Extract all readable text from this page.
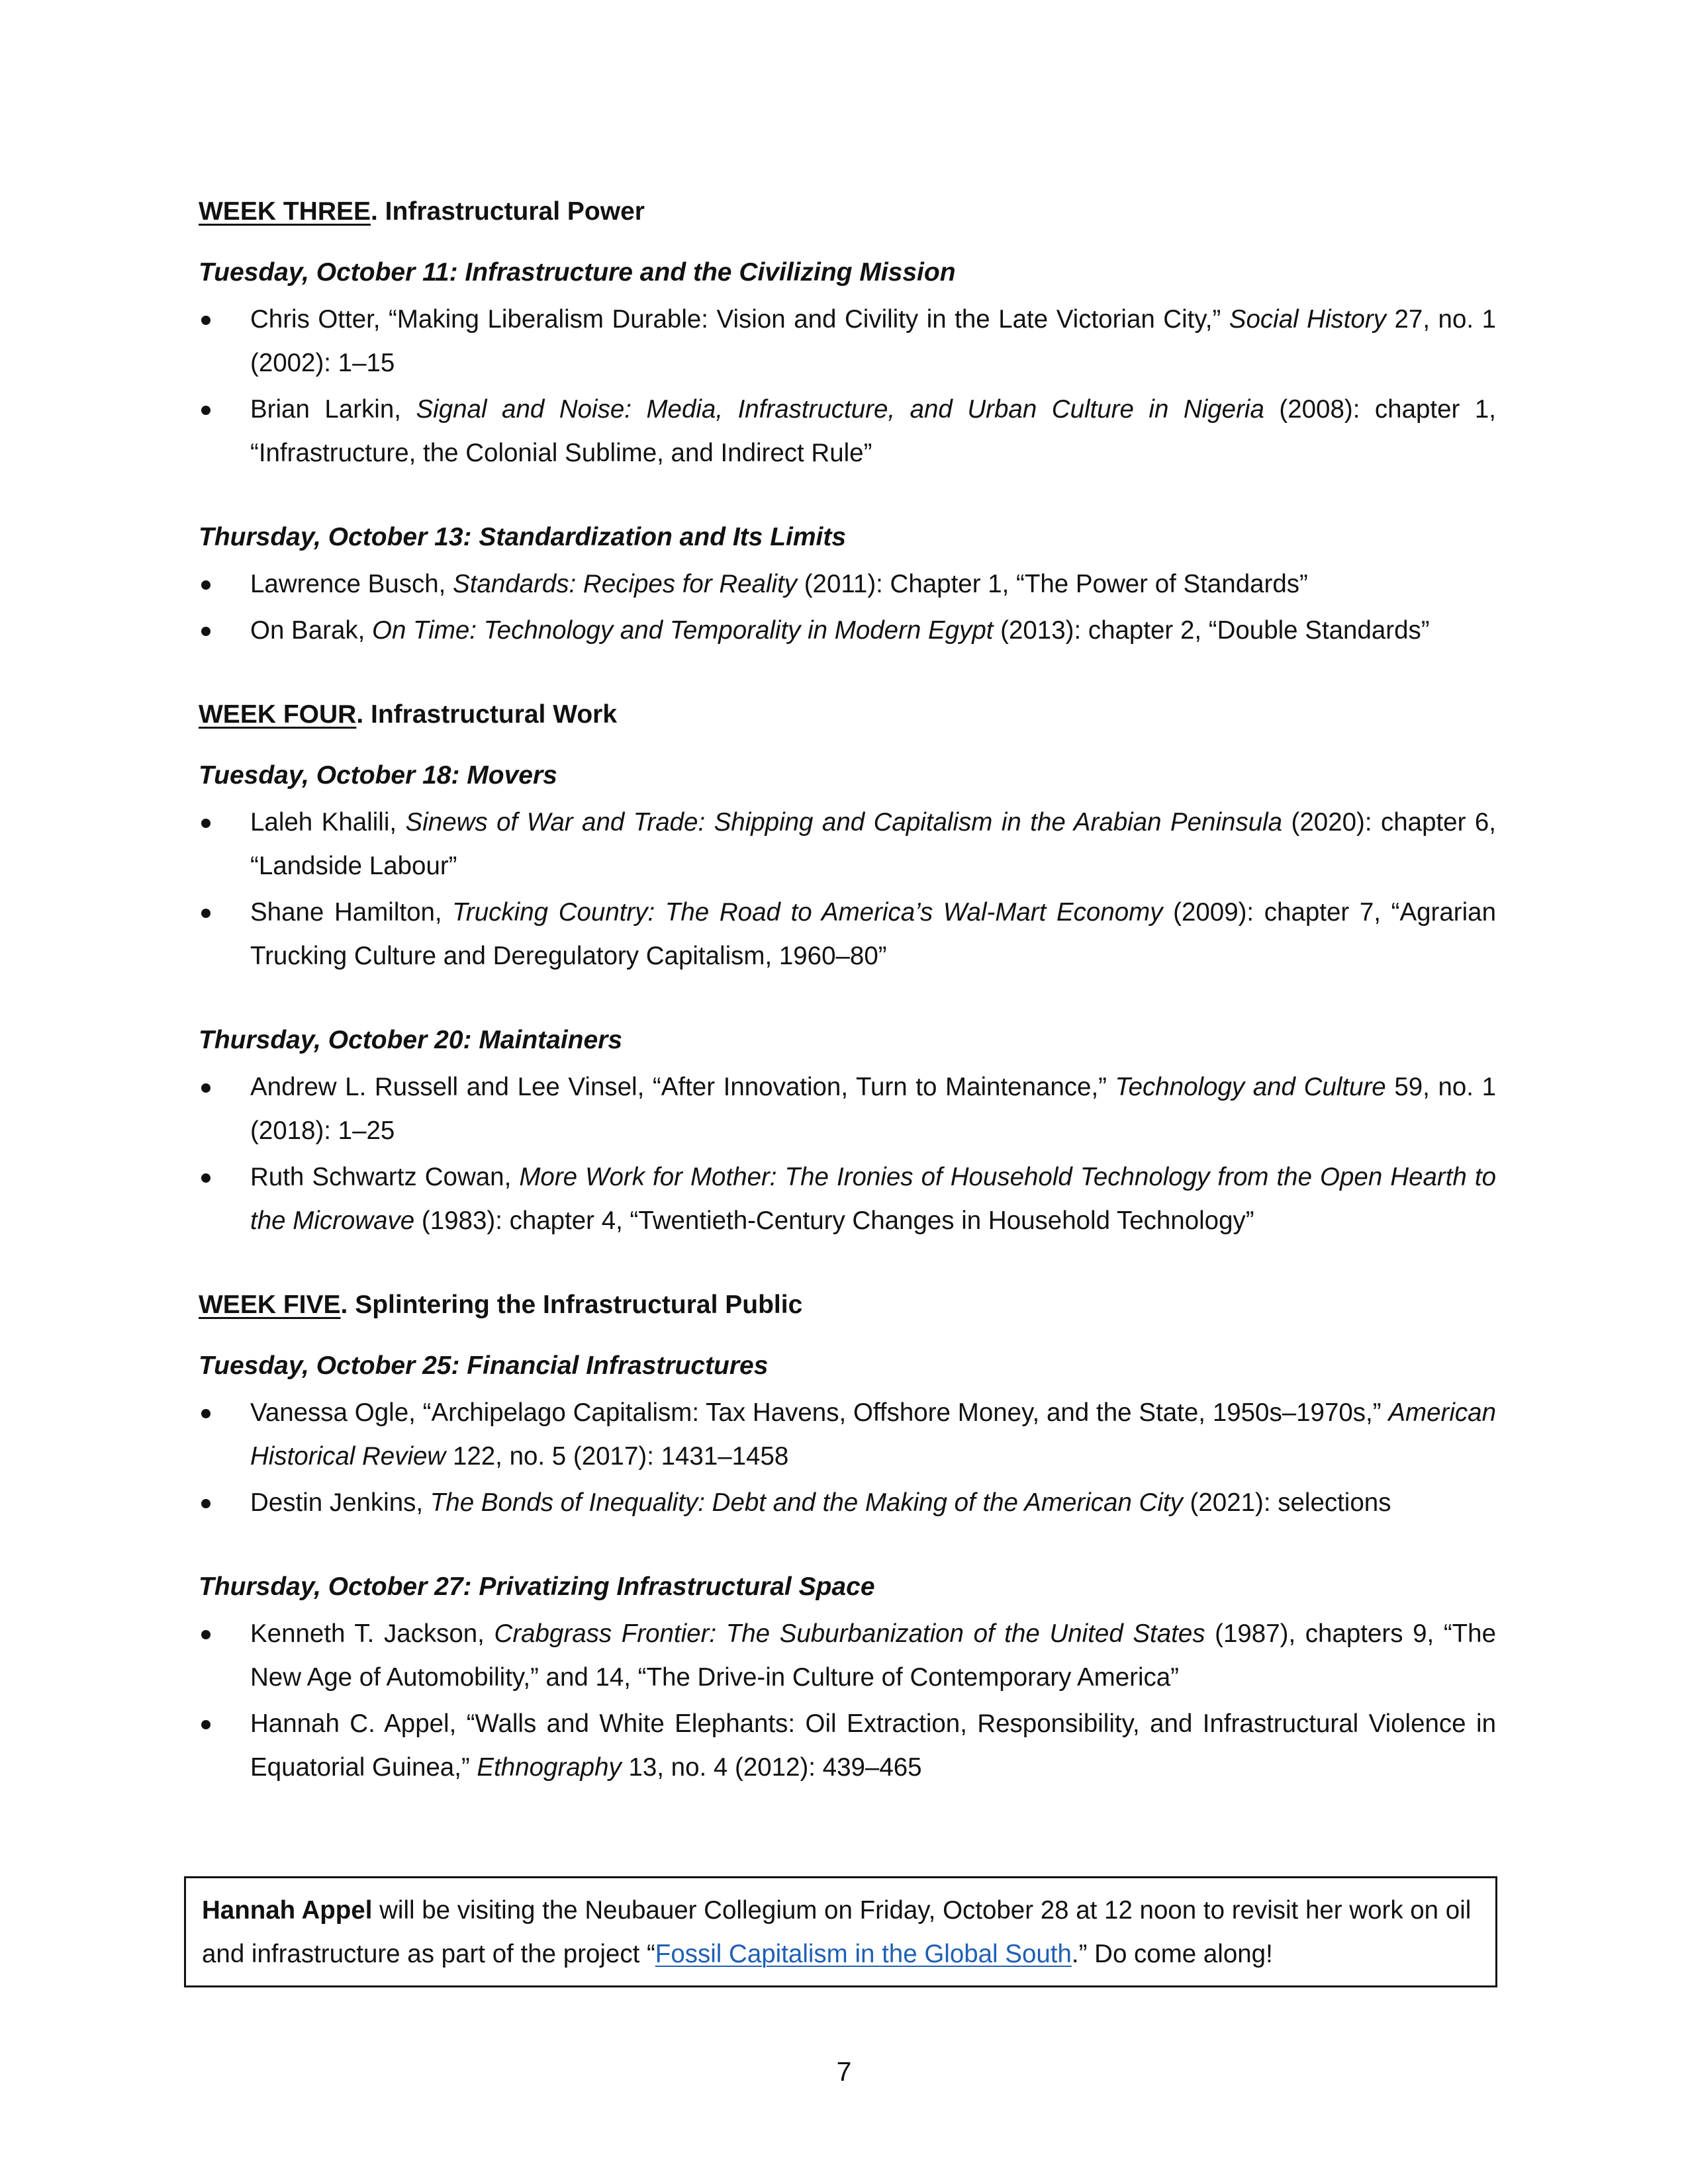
WEEK THREE. Infrastructural Power
Tuesday, October 11: Infrastructure and the Civilizing Mission
Chris Otter, “Making Liberalism Durable: Vision and Civility in the Late Victorian City,” Social History 27, no. 1 (2002): 1–15
Brian Larkin, Signal and Noise: Media, Infrastructure, and Urban Culture in Nigeria (2008): chapter 1, “Infrastructure, the Colonial Sublime, and Indirect Rule”
Thursday, October 13: Standardization and Its Limits
Lawrence Busch, Standards: Recipes for Reality (2011): Chapter 1, “The Power of Standards”
On Barak, On Time: Technology and Temporality in Modern Egypt (2013): chapter 2, “Double Standards”
WEEK FOUR. Infrastructural Work
Tuesday, October 18: Movers
Laleh Khalili, Sinews of War and Trade: Shipping and Capitalism in the Arabian Peninsula (2020): chapter 6, “Landside Labour”
Shane Hamilton, Trucking Country: The Road to America’s Wal-Mart Economy (2009): chapter 7, “Agrarian Trucking Culture and Deregulatory Capitalism, 1960–80”
Thursday, October 20: Maintainers
Andrew L. Russell and Lee Vinsel, “After Innovation, Turn to Maintenance,” Technology and Culture 59, no. 1 (2018): 1–25
Ruth Schwartz Cowan, More Work for Mother: The Ironies of Household Technology from the Open Hearth to the Microwave (1983): chapter 4, “Twentieth-Century Changes in Household Technology”
WEEK FIVE. Splintering the Infrastructural Public
Tuesday, October 25: Financial Infrastructures
Vanessa Ogle, “Archipelago Capitalism: Tax Havens, Offshore Money, and the State, 1950s–1970s,” American Historical Review 122, no. 5 (2017): 1431–1458
Destin Jenkins, The Bonds of Inequality: Debt and the Making of the American City (2021): selections
Thursday, October 27: Privatizing Infrastructural Space
Kenneth T. Jackson, Crabgrass Frontier: The Suburbanization of the United States (1987), chapters 9, “The New Age of Automobility,” and 14, “The Drive-in Culture of Contemporary America”
Hannah C. Appel, “Walls and White Elephants: Oil Extraction, Responsibility, and Infrastructural Violence in Equatorial Guinea,” Ethnography 13, no. 4 (2012): 439–465
Hannah Appel will be visiting the Neubauer Collegium on Friday, October 28 at 12 noon to revisit her work on oil and infrastructure as part of the project “Fossil Capitalism in the Global South.” Do come along!
7
